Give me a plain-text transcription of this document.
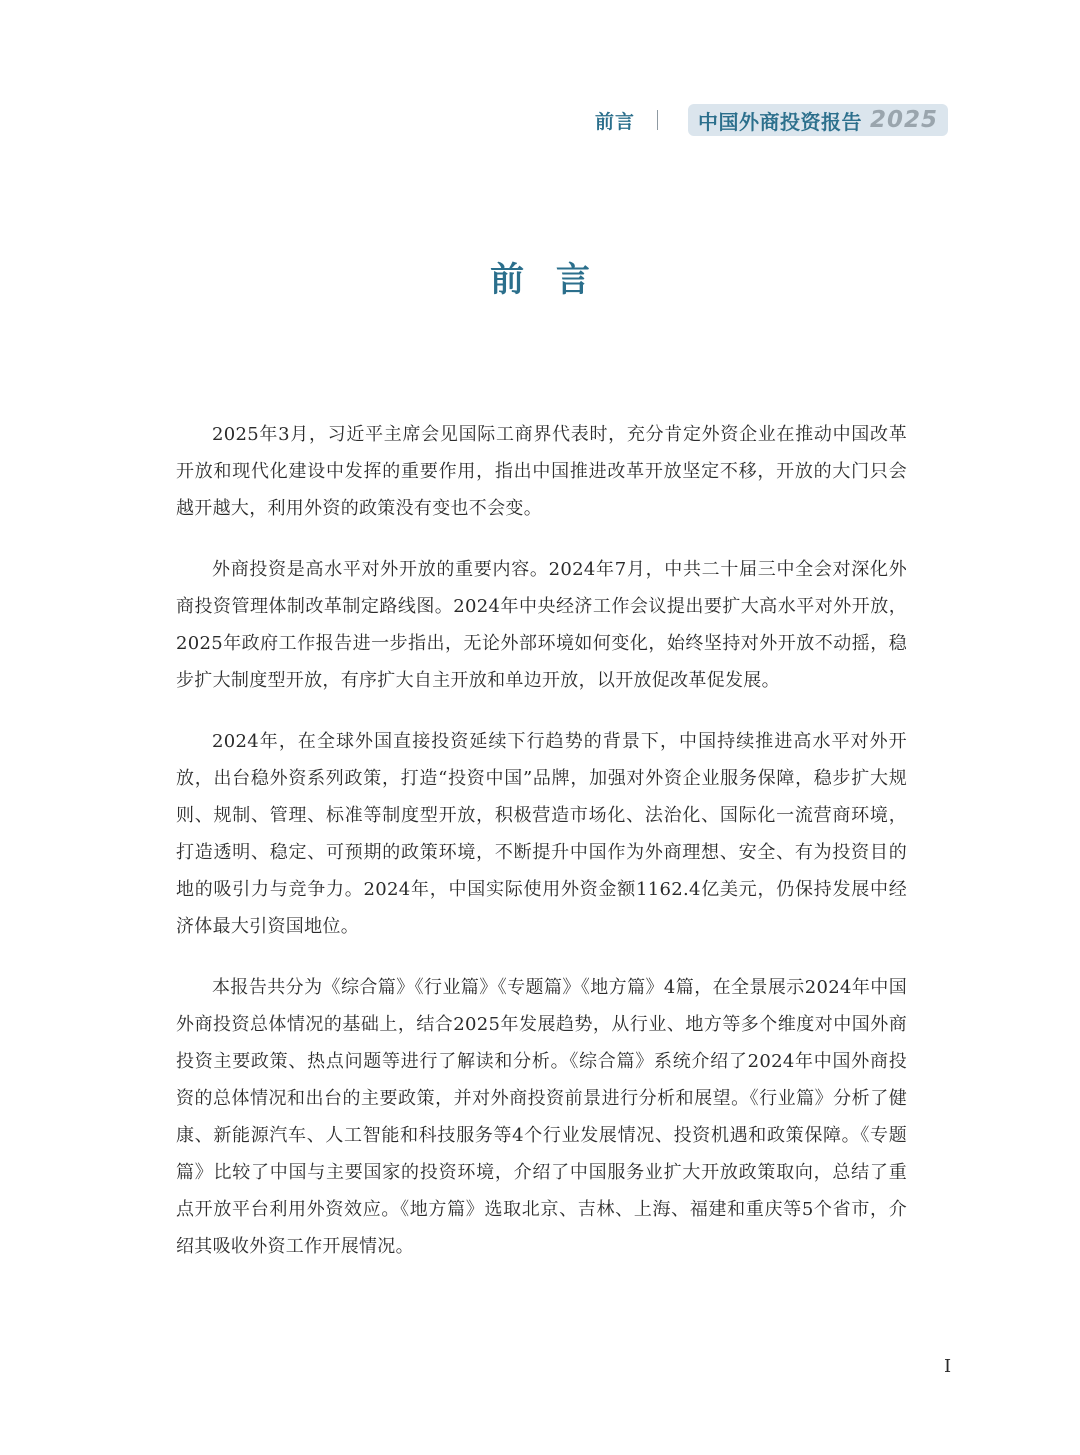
前言	中国外商投资报告 2025
前 言

2025年3月，习近平主席会见国际工商界代表时，充分肯定外资企业在推动中国改革开放和现代化建设中发挥的重要作用，指出中国推进改革开放坚定不移，开放的大门只会越开越大，利用外资的政策没有变也不会变。

外商投资是高水平对外开放的重要内容。2024年7月，中共二十届三中全会对深化外商投资管理体制改革制定路线图。2024年中央经济工作会议提出要扩大高水平对外开放，2025年政府工作报告进一步指出，无论外部环境如何变化，始终坚持对外开放不动摇，稳步扩大制度型开放，有序扩大自主开放和单边开放，以开放促改革促发展。

2024年，在全球外国直接投资延续下行趋势的背景下，中国持续推进高水平对外开放，出台稳外资系列政策，打造“投资中国”品牌，加强对外资企业服务保障，稳步扩大规则、规制、管理、标准等制度型开放，积极营造市场化、法治化、国际化一流营商环境，打造透明、稳定、可预期的政策环境，不断提升中国作为外商理想、安全、有为投资目的地的吸引力与竞争力。2024年，中国实际使用外资金额1162.4亿美元，仍保持发展中经济体最大引资国地位。

本报告共分为《综合篇》《行业篇》《专题篇》《地方篇》4篇，在全景展示2024年中国外商投资总体情况的基础上，结合2025年发展趋势，从行业、地方等多个维度对中国外商投资主要政策、热点问题等进行了解读和分析。《综合篇》系统介绍了2024年中国外商投资的总体情况和出台的主要政策，并对外商投资前景进行分析和展望。《行业篇》分析了健康、新能源汽车、人工智能和科技服务等4个行业发展情况、投资机遇和政策保障。《专题篇》比较了中国与主要国家的投资环境，介绍了中国服务业扩大开放政策取向，总结了重点开放平台利用外资效应。《地方篇》选取北京、吉林、上海、福建和重庆等5个省市，介绍其吸收外资工作开展情况。

I
